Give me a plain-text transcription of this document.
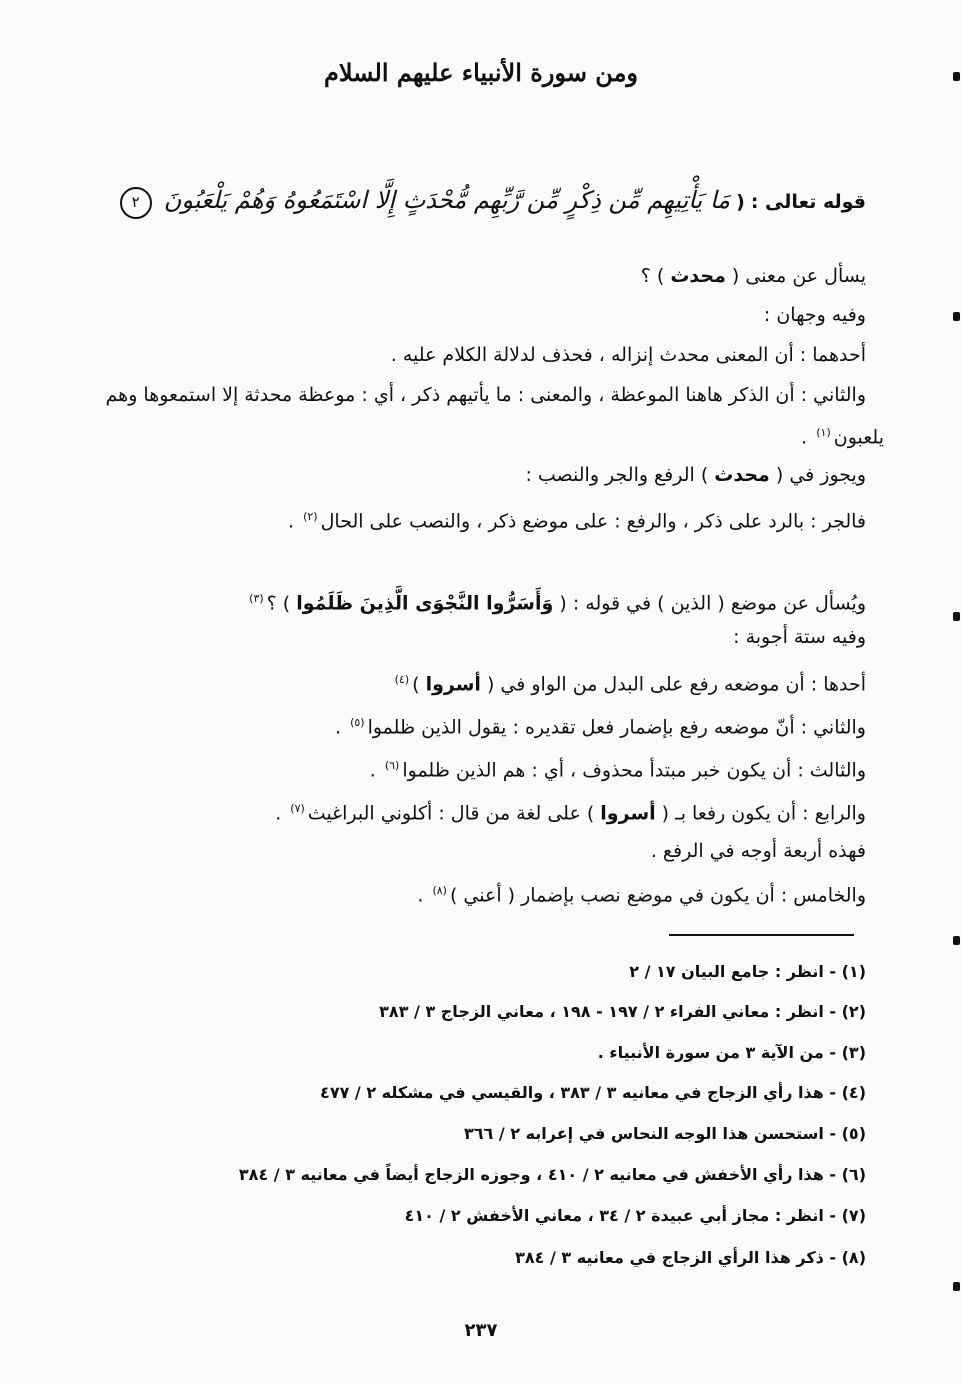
ومن سورة الأنبياء عليهم السلام
قوله تعالى : ( مَا يَأْتِيهِم مِّن ذِكْرٍ مِّن رَّبِّهِم مُّحْدَثٍ إِلَّا اسْتَمَعُوهُ وَهُمْ يَلْعَبُونَ ٢
يسأل عن معنى ( محدث ) ؟
وفيه وجهان :
أحدهما : أن المعنى محدث إنزاله ، فحذف لدلالة الكلام عليه .
والثاني : أن الذكر هاهنا الموعظة ، والمعنى : ما يأتيهم ذكر ، أي : موعظة محدثة إلا استمعوها وهم
يلعبون$^{(١)}$ .
ويجوز في ( محدث ) الرفع والجر والنصب :
فالجر : بالرد على ذكر ، والرفع : على موضع ذكر ، والنصب على الحال$^{(٢)}$ .
ويُسأل عن موضع ( الذين ) في قوله : ( وَأَسَرُّوا النَّجْوَى الَّذِينَ ظَلَمُوا ) ؟$^{(٣)}$
وفيه ستة أجوبة :
أحدها : أن موضعه رفع على البدل من الواو في ( أسروا )$^{(٤)}$
والثاني : أنّ موضعه رفع بإضمار فعل تقديره : يقول الذين ظلموا$^{(٥)}$ .
والثالث : أن يكون خبر مبتدأ محذوف ، أي : هم الذين ظلموا$^{(٦)}$ .
والرابع : أن يكون رفعا بـ ( أسروا ) على لغة من قال : أكلوني البراغيث$^{(٧)}$ .
فهذه أربعة أوجه في الرفع .
والخامس : أن يكون في موضع نصب بإضمار ( أعني )$^{(٨)}$ .
(١) - انظر : جامع البيان ١٧ / ٢
(٢) - انظر : معاني الفراء ٢ / ١٩٧ - ١٩٨ ، معاني الزجاج ٣ / ٣٨٣
(٣) - من الآية ٣ من سورة الأنبياء .
(٤) - هذا رأي الزجاج في معانيه ٣ / ٣٨٣ ، والقيسي في مشكله ٢ / ٤٧٧
(٥) - استحسن هذا الوجه النحاس في إعرابه ٢ / ٣٦٦
(٦) - هذا رأي الأخفش في معانيه ٢ / ٤١٠ ، وجوزه الزجاج أيضاً في معانيه ٣ / ٣٨٤
(٧) - انظر : مجاز أبي عبيدة ٢ / ٣٤ ، معاني الأخفش ٢ / ٤١٠
(٨) - ذكر هذا الرأي الزجاج في معانيه ٣ / ٣٨٤
٢٣٧
